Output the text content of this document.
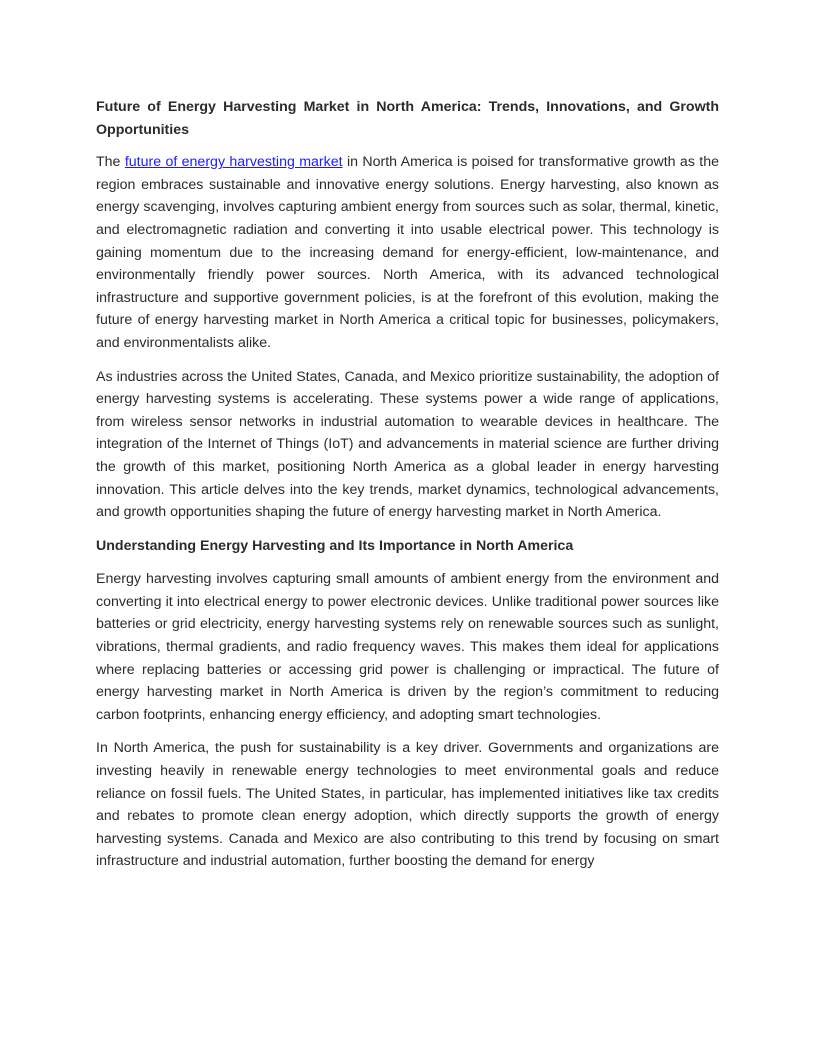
Future of Energy Harvesting Market in North America: Trends, Innovations, and Growth Opportunities

The future of energy harvesting market in North America is poised for transformative growth as the region embraces sustainable and innovative energy solutions. Energy harvesting, also known as energy scavenging, involves capturing ambient energy from sources such as solar, thermal, kinetic, and electromagnetic radiation and converting it into usable electrical power. This technology is gaining momentum due to the increasing demand for energy-efficient, low-maintenance, and environmentally friendly power sources. North America, with its advanced technological infrastructure and supportive government policies, is at the forefront of this evolution, making the future of energy harvesting market in North America a critical topic for businesses, policymakers, and environmentalists alike.

As industries across the United States, Canada, and Mexico prioritize sustainability, the adoption of energy harvesting systems is accelerating. These systems power a wide range of applications, from wireless sensor networks in industrial automation to wearable devices in healthcare. The integration of the Internet of Things (IoT) and advancements in material science are further driving the growth of this market, positioning North America as a global leader in energy harvesting innovation. This article delves into the key trends, market dynamics, technological advancements, and growth opportunities shaping the future of energy harvesting market in North America.

Understanding Energy Harvesting and Its Importance in North America

Energy harvesting involves capturing small amounts of ambient energy from the environment and converting it into electrical energy to power electronic devices. Unlike traditional power sources like batteries or grid electricity, energy harvesting systems rely on renewable sources such as sunlight, vibrations, thermal gradients, and radio frequency waves. This makes them ideal for applications where replacing batteries or accessing grid power is challenging or impractical. The future of energy harvesting market in North America is driven by the region’s commitment to reducing carbon footprints, enhancing energy efficiency, and adopting smart technologies.

In North America, the push for sustainability is a key driver. Governments and organizations are investing heavily in renewable energy technologies to meet environmental goals and reduce reliance on fossil fuels. The United States, in particular, has implemented initiatives like tax credits and rebates to promote clean energy adoption, which directly supports the growth of energy harvesting systems. Canada and Mexico are also contributing to this trend by focusing on smart infrastructure and industrial automation, further boosting the demand for energy
